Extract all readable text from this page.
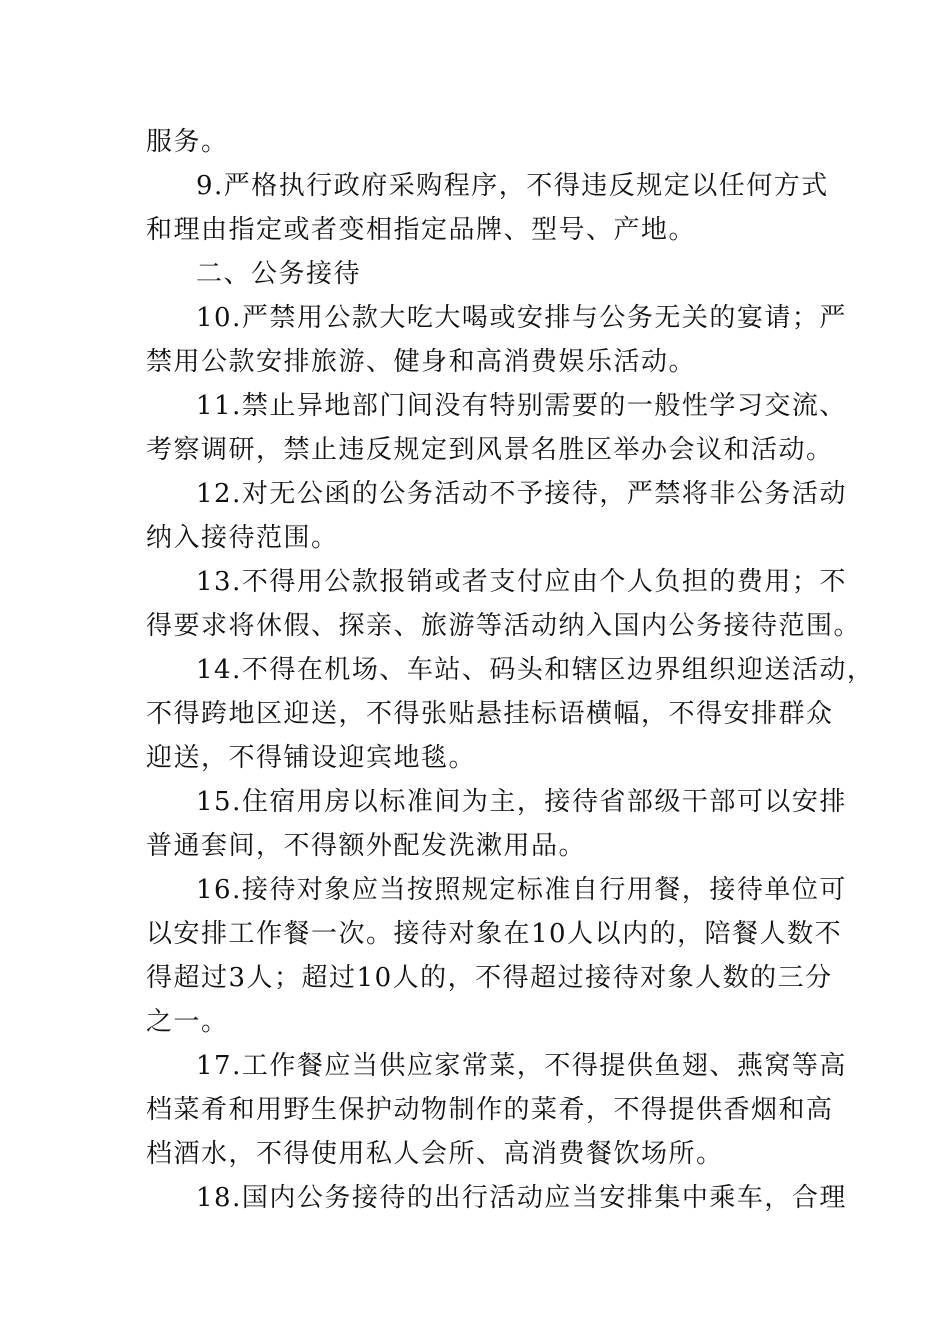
服务。
9.严格执行政府采购程序，不得违反规定以任何方式
和理由指定或者变相指定品牌、型号、产地。
二、公务接待
10.严禁用公款大吃大喝或安排与公务无关的宴请；严
禁用公款安排旅游、健身和高消费娱乐活动。
11.禁止异地部门间没有特别需要的一般性学习交流、
考察调研，禁止违反规定到风景名胜区举办会议和活动。
12.对无公函的公务活动不予接待，严禁将非公务活动
纳入接待范围。
13.不得用公款报销或者支付应由个人负担的费用；不
得要求将休假、探亲、旅游等活动纳入国内公务接待范围。
14.不得在机场、车站、码头和辖区边界组织迎送活动，
不得跨地区迎送，不得张贴悬挂标语横幅，不得安排群众
迎送，不得铺设迎宾地毯。
15.住宿用房以标准间为主，接待省部级干部可以安排
普通套间，不得额外配发洗漱用品。
16.接待对象应当按照规定标准自行用餐，接待单位可
以安排工作餐一次。接待对象在10人以内的，陪餐人数不
得超过3人；超过10人的，不得超过接待对象人数的三分
之一。
17.工作餐应当供应家常菜，不得提供鱼翅、燕窝等高
档菜肴和用野生保护动物制作的菜肴，不得提供香烟和高
档酒水，不得使用私人会所、高消费餐饮场所。
18.国内公务接待的出行活动应当安排集中乘车，合理
